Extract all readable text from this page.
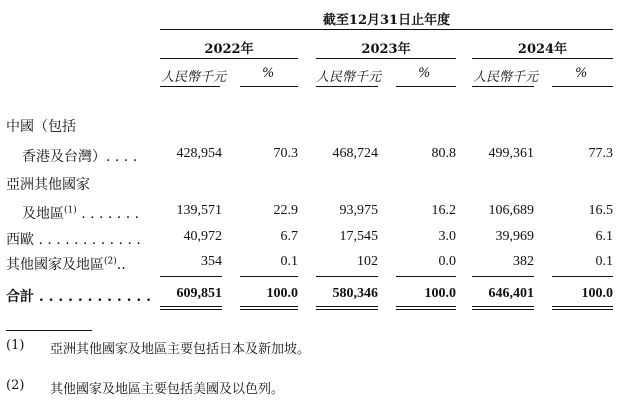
截至12月31日止年度
2022年	2023年	2024年
人民幣千元	%	人民幣千元	%	人民幣千元	%
中國（包括
香港及台灣）. . . .	428,954	70.3	468,724	80.8	499,361	77.3
亞洲其他國家
及地區$^{(1)}$ . . . . . . .	139,571	22.9	93,975	16.2	106,689	16.5
西歐 . . . . . . . . . . . .	40,972	6.7	17,545	3.0	39,969	6.1
其他國家及地區$^{(2)}$..	354	0.1	102	0.0	382	0.1
合計 . . . . . . . . . . . .	609,851	100.0	580,346	100.0	646,401	100.0
(1) 亞洲其他國家及地區主要包括日本及新加坡。
(2) 其他國家及地區主要包括美國及以色列。
